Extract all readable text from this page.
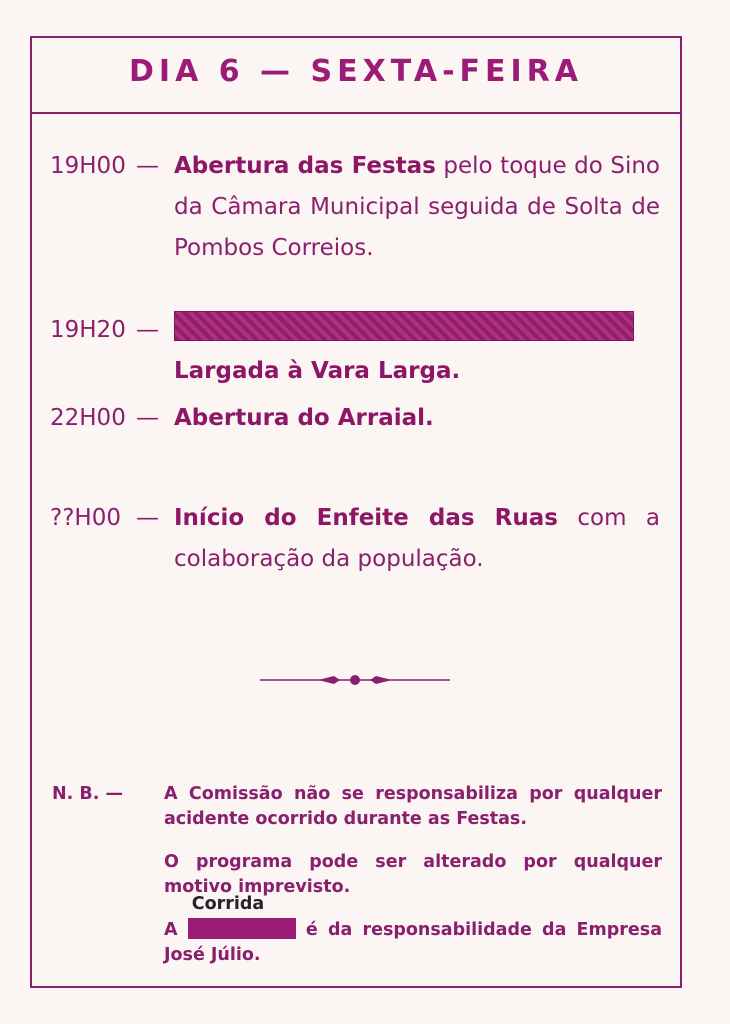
DIA 6 — SEXTA-FEIRA
19H00 — Abertura das Festas pelo toque do Sino da Câmara Municipal seguida de Solta de Pombos Correios.
19H20 —

Largada à Vara Larga.
22H00 — Abertura do Arraial.
??H00 — Início do Enfeite das Ruas com a colaboração da população.
N. B. — A Comissão não se responsabiliza por qualquer acidente ocorrido durante as Festas.
O programa pode ser alterado por qualquer motivo imprevisto.
A
Corrida
é da responsabilidade da Empresa José Júlio.
